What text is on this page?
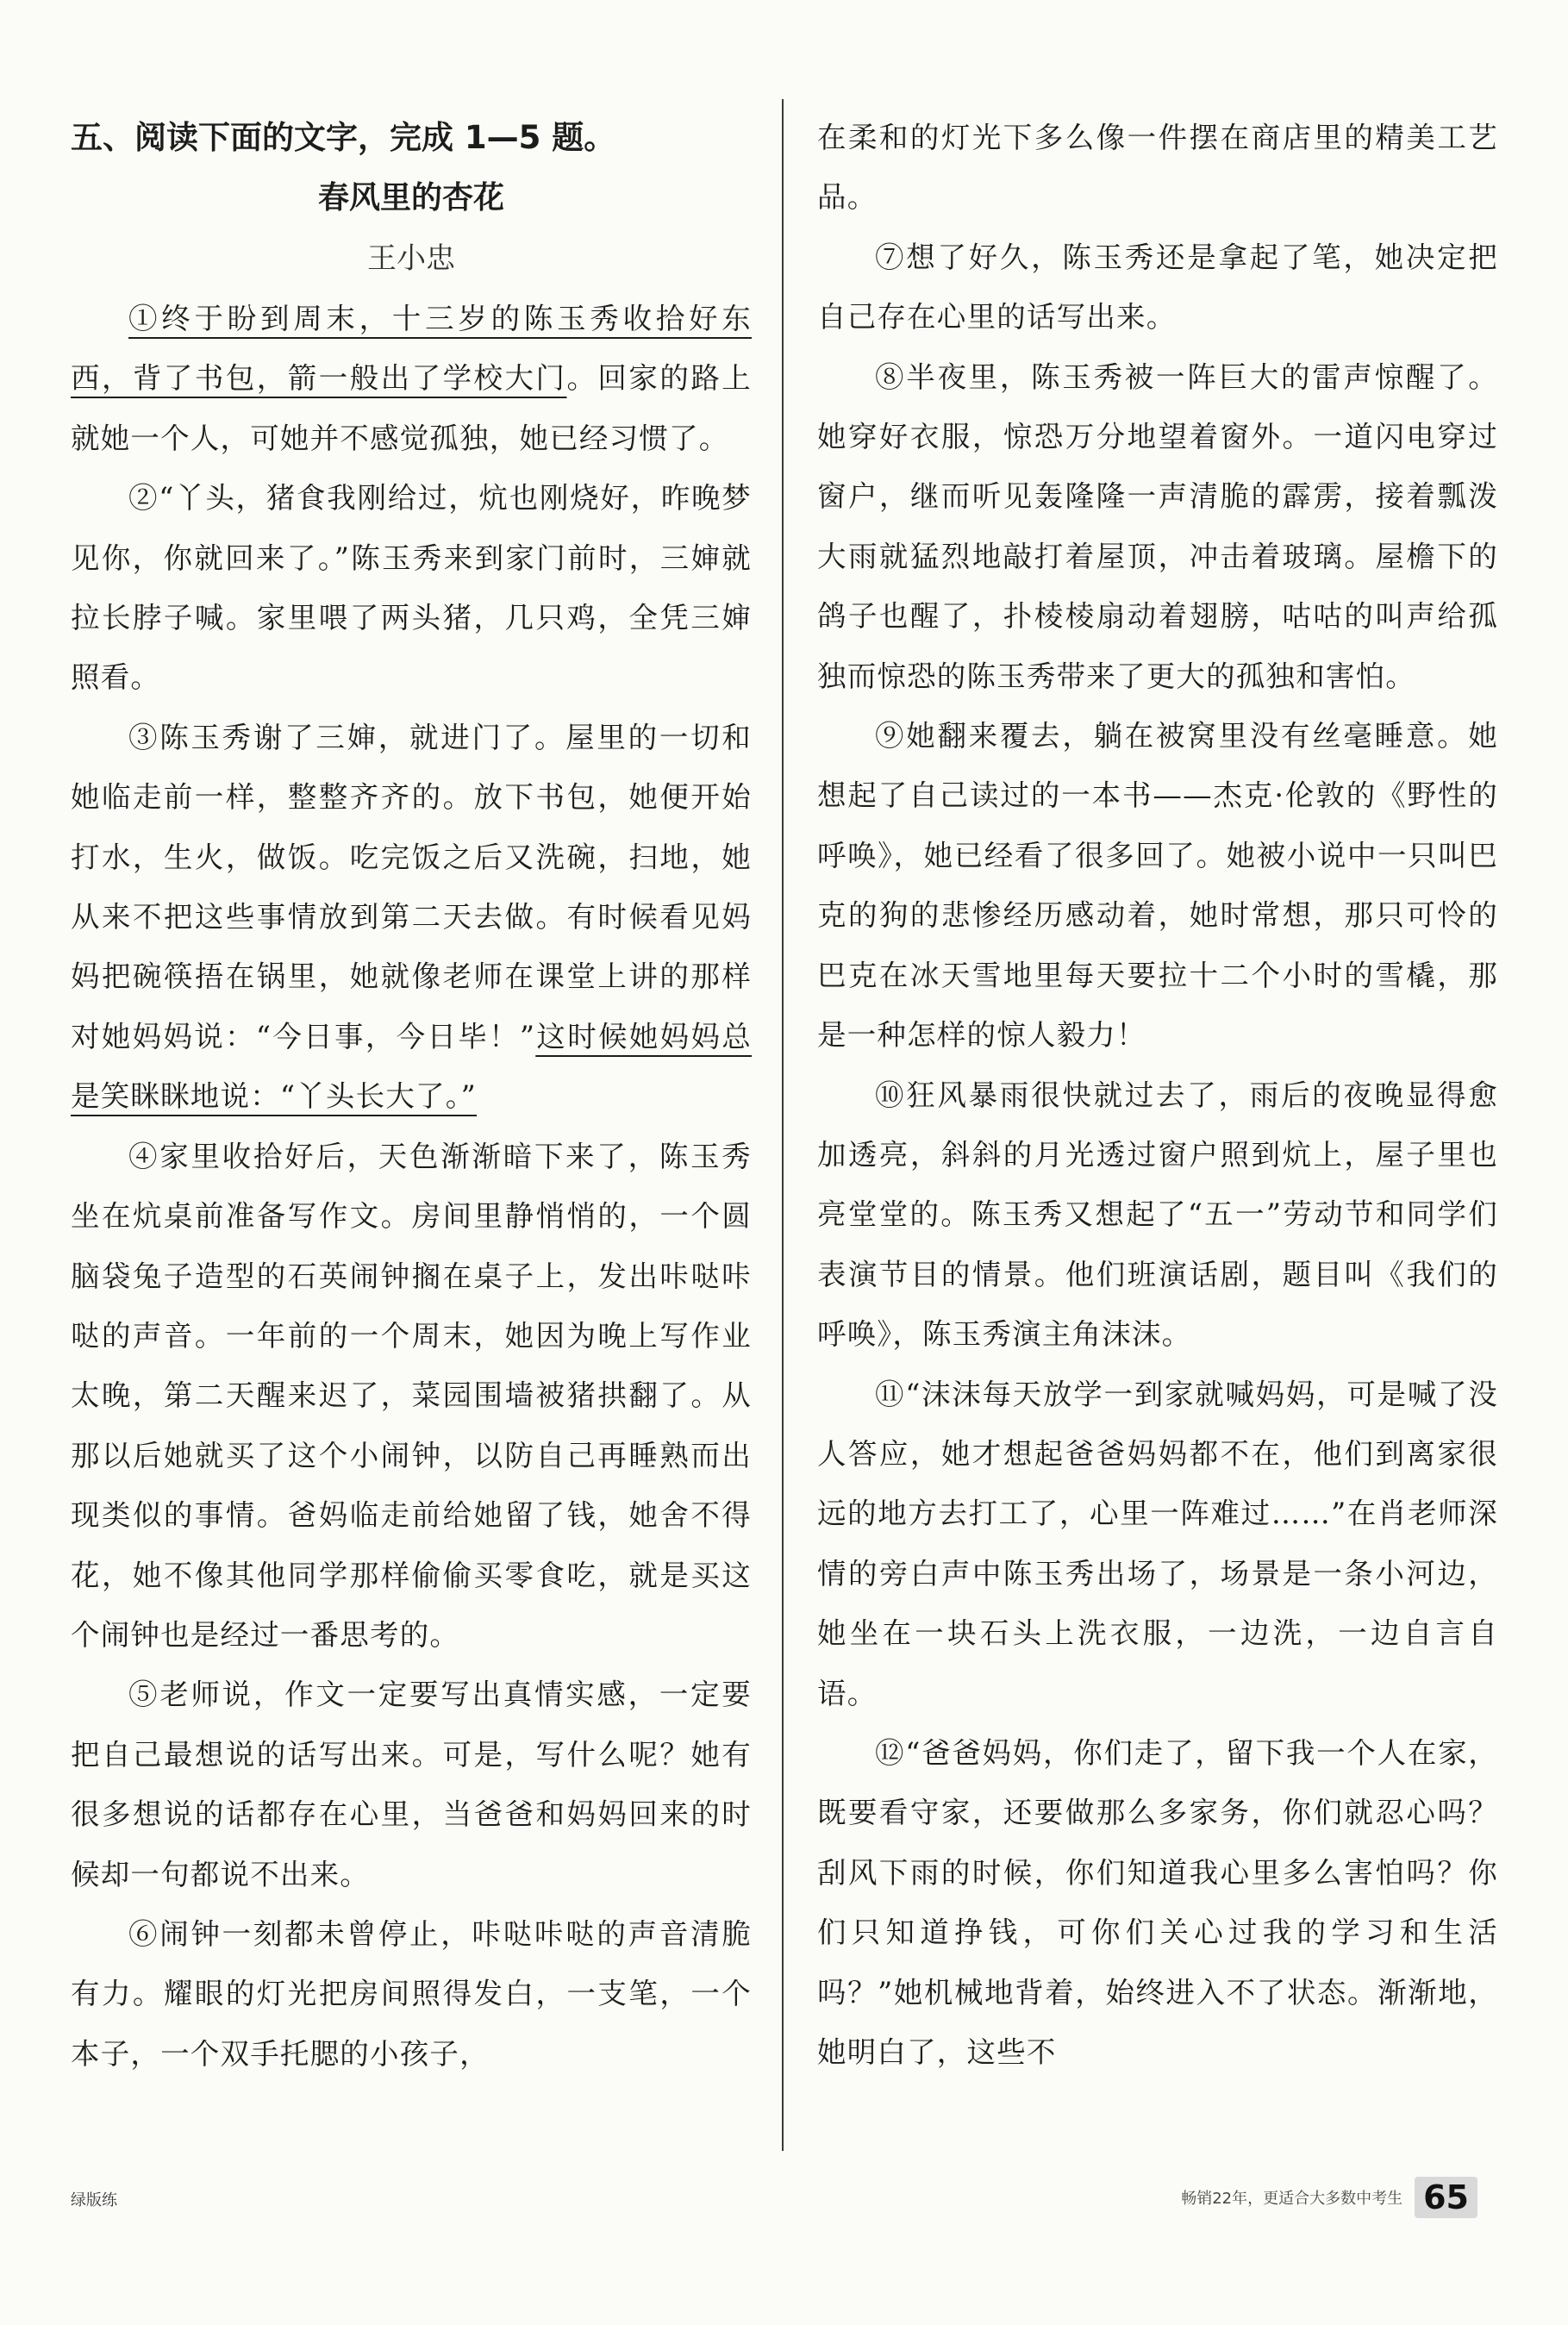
五、阅读下面的文字，完成 1—5 题。

春风里的杏花

王小忠

①终于盼到周末，十三岁的陈玉秀收拾好东西，背了书包，箭一般出了学校大门。回家的路上就她一个人，可她并不感觉孤独，她已经习惯了。

②“丫头，猪食我刚给过，炕也刚烧好，昨晚梦见你，你就回来了。”陈玉秀来到家门前时，三婶就拉长脖子喊。家里喂了两头猪，几只鸡，全凭三婶照看。

③陈玉秀谢了三婶，就进门了。屋里的一切和她临走前一样，整整齐齐的。放下书包，她便开始打水，生火，做饭。吃完饭之后又洗碗，扫地，她从来不把这些事情放到第二天去做。有时候看见妈妈把碗筷捂在锅里，她就像老师在课堂上讲的那样对她妈妈说：“今日事，今日毕！”这时候她妈妈总是笑眯眯地说：“丫头长大了。”

④家里收拾好后，天色渐渐暗下来了，陈玉秀坐在炕桌前准备写作文。房间里静悄悄的，一个圆脑袋兔子造型的石英闹钟搁在桌子上，发出咔哒咔哒的声音。一年前的一个周末，她因为晚上写作业太晚，第二天醒来迟了，菜园围墙被猪拱翻了。从那以后她就买了这个小闹钟，以防自己再睡熟而出现类似的事情。爸妈临走前给她留了钱，她舍不得花，她不像其他同学那样偷偷买零食吃，就是买这个闹钟也是经过一番思考的。

⑤老师说，作文一定要写出真情实感，一定要把自己最想说的话写出来。可是，写什么呢？她有很多想说的话都存在心里，当爸爸和妈妈回来的时候却一句都说不出来。

⑥闹钟一刻都未曾停止，咔哒咔哒的声音清脆有力。耀眼的灯光把房间照得发白，一支笔，一个本子，一个双手托腮的小孩子，

在柔和的灯光下多么像一件摆在商店里的精美工艺品。

⑦想了好久，陈玉秀还是拿起了笔，她决定把自己存在心里的话写出来。

⑧半夜里，陈玉秀被一阵巨大的雷声惊醒了。她穿好衣服，惊恐万分地望着窗外。一道闪电穿过窗户，继而听见轰隆隆一声清脆的霹雳，接着瓢泼大雨就猛烈地敲打着屋顶，冲击着玻璃。屋檐下的鸽子也醒了，扑棱棱扇动着翅膀，咕咕的叫声给孤独而惊恐的陈玉秀带来了更大的孤独和害怕。

⑨她翻来覆去，躺在被窝里没有丝毫睡意。她想起了自己读过的一本书——杰克·伦敦的《野性的呼唤》，她已经看了很多回了。她被小说中一只叫巴克的狗的悲惨经历感动着，她时常想，那只可怜的巴克在冰天雪地里每天要拉十二个小时的雪橇，那是一种怎样的惊人毅力！

⑩狂风暴雨很快就过去了，雨后的夜晚显得愈加透亮，斜斜的月光透过窗户照到炕上，屋子里也亮堂堂的。陈玉秀又想起了“五一”劳动节和同学们表演节目的情景。他们班演话剧，题目叫《我们的呼唤》，陈玉秀演主角沫沫。

⑪“沫沫每天放学一到家就喊妈妈，可是喊了没人答应，她才想起爸爸妈妈都不在，他们到离家很远的地方去打工了，心里一阵难过……”在肖老师深情的旁白声中陈玉秀出场了，场景是一条小河边，她坐在一块石头上洗衣服，一边洗，一边自言自语。

⑫“爸爸妈妈，你们走了，留下我一个人在家，既要看守家，还要做那么多家务，你们就忍心吗？刮风下雨的时候，你们知道我心里多么害怕吗？你们只知道挣钱，可你们关心过我的学习和生活吗？”她机械地背着，始终进入不了状态。渐渐地，她明白了，这些不

绿版练	畅销22年，更适合大多数中考生 65
